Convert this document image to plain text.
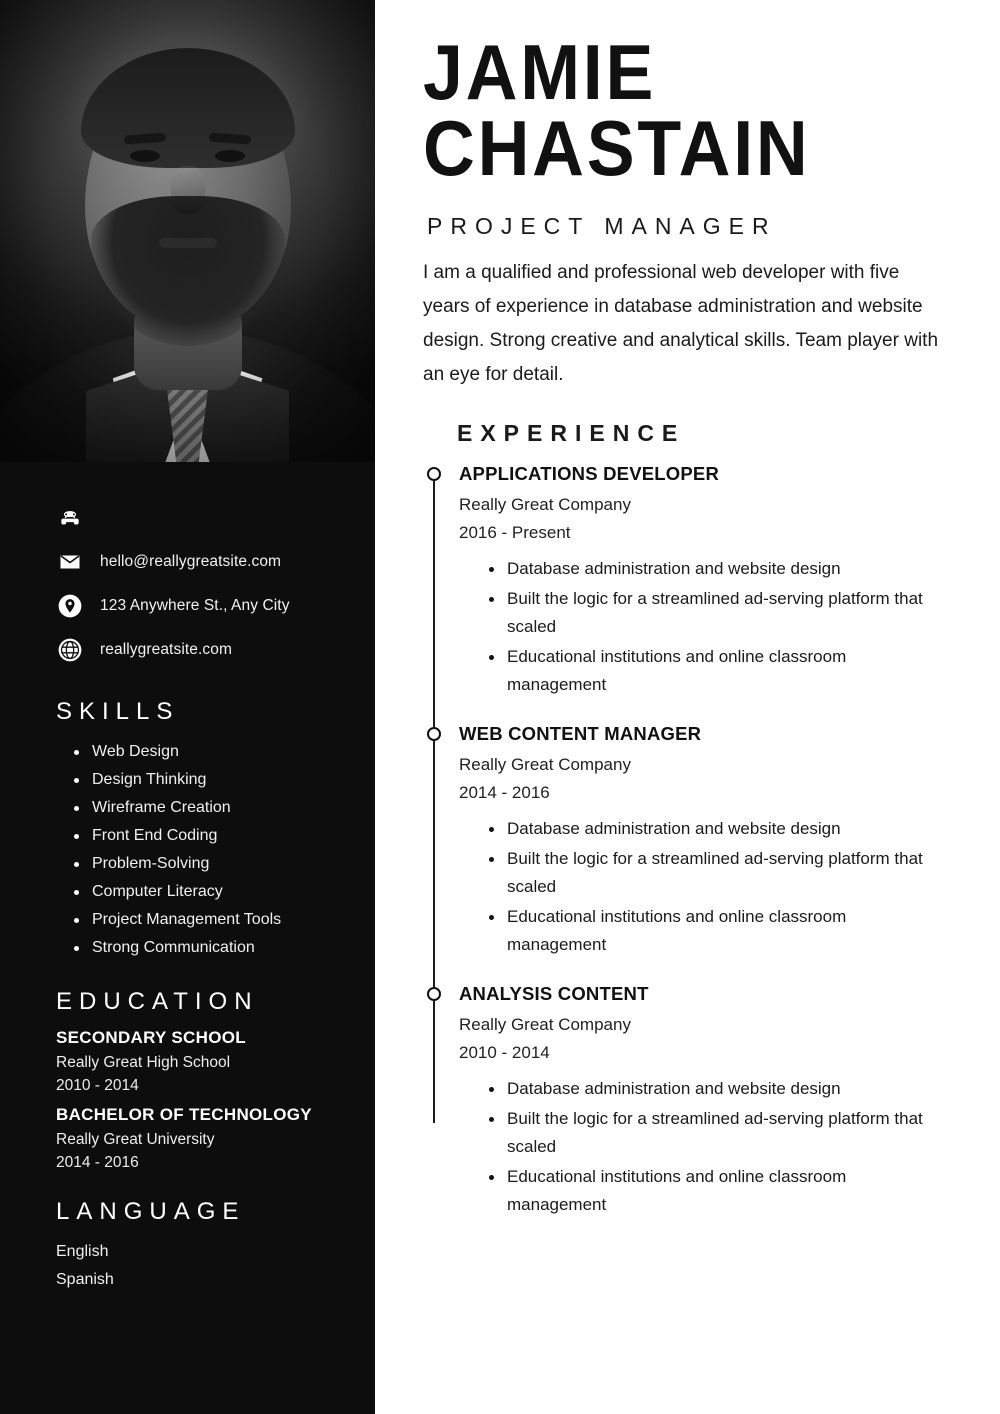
hello@reallygreatsite.com
123 Anywhere St., Any City
reallygreatsite.com
SKILLS
Web Design
Design Thinking
Wireframe Creation
Front End Coding
Problem-Solving
Computer Literacy
Project Management Tools
Strong Communication
EDUCATION
SECONDARY SCHOOL
Really Great High School
2010 - 2014
BACHELOR OF TECHNOLOGY
Really Great University
2014 - 2016
LANGUAGE
English
Spanish
JAMIE
CHASTAIN
PROJECT MANAGER

I am a qualified and professional web developer with five years of experience in database administration and website design. Strong creative and analytical skills. Team player with an eye for detail.

EXPERIENCE
APPLICATIONS DEVELOPER
Really Great Company
2016 - Present
Database administration and website design
Built the logic for a streamlined ad-serving platform that scaled
Educational institutions and online classroom management
WEB CONTENT MANAGER
Really Great Company
2014 - 2016
Database administration and website design
Built the logic for a streamlined ad-serving platform that scaled
Educational institutions and online classroom management
ANALYSIS CONTENT
Really Great Company
2010 - 2014
Database administration and website design
Built the logic for a streamlined ad-serving platform that scaled
Educational institutions and online classroom management
